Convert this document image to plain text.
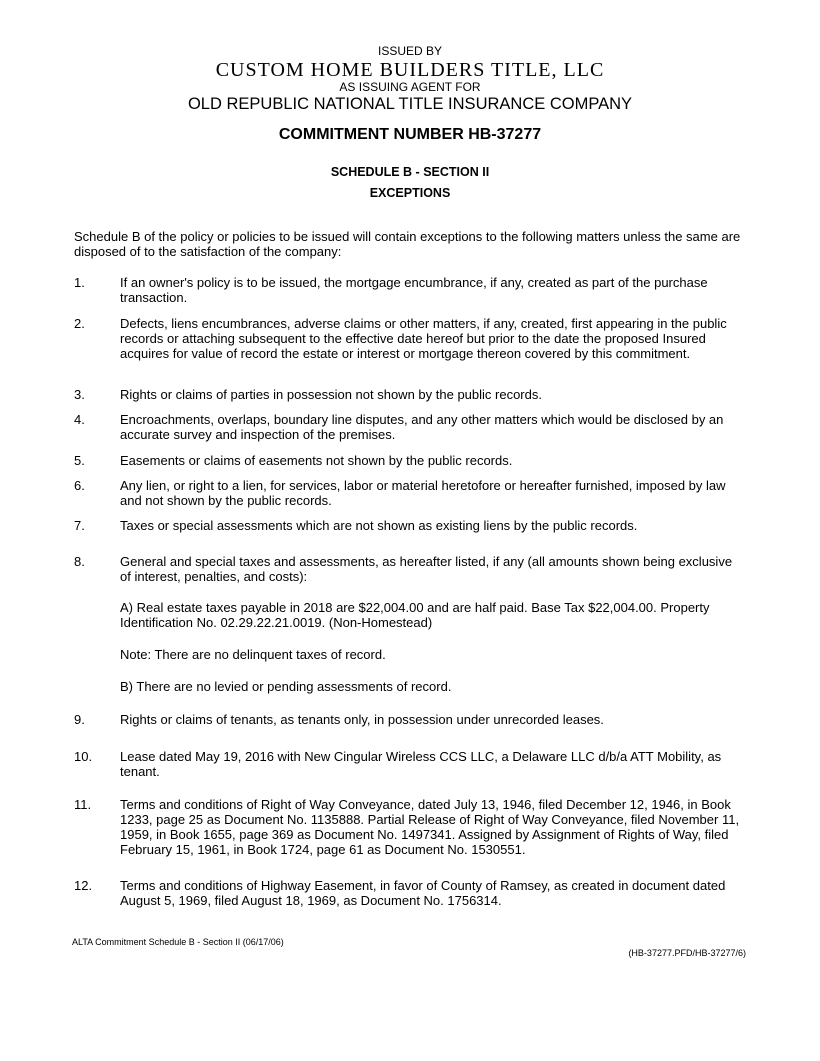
ISSUED BY
CUSTOM HOME BUILDERS TITLE, LLC
AS ISSUING AGENT FOR
OLD REPUBLIC NATIONAL TITLE INSURANCE COMPANY
COMMITMENT NUMBER HB-37277
SCHEDULE B - SECTION II
EXCEPTIONS
Schedule B of the policy or policies to be issued will contain exceptions to the following matters unless the same are disposed of to the satisfaction of the company:
1.	If an owner's policy is to be issued, the mortgage encumbrance, if any, created as part of the purchase transaction.
2.	Defects, liens encumbrances, adverse claims or other matters, if any, created, first appearing in the public records or attaching subsequent to the effective date hereof but prior to the date the proposed Insured acquires for value of record the estate or interest or mortgage thereon covered by this commitment.
3.	Rights or claims of parties in possession not shown by the public records.
4.	Encroachments, overlaps, boundary line disputes, and any other matters which would be disclosed by an accurate survey and inspection of the premises.
5.	Easements or claims of easements not shown by the public records.
6.	Any lien, or right to a lien, for services, labor or material heretofore or hereafter furnished, imposed by law and not shown by the public records.
7.	Taxes or special assessments which are not shown as existing liens by the public records.
8.	General and special taxes and assessments, as hereafter listed, if any (all amounts shown being exclusive of interest, penalties, and costs):
A) Real estate taxes payable in 2018 are $22,004.00 and are half paid. Base Tax $22,004.00. Property Identification No. 02.29.22.21.0019. (Non-Homestead)
Note: There are no delinquent taxes of record.
B) There are no levied or pending assessments of record.
9.	Rights or claims of tenants, as tenants only, in possession under unrecorded leases.
10.	Lease dated May 19, 2016 with New Cingular Wireless CCS LLC, a Delaware LLC d/b/a ATT Mobility, as tenant.
11.	Terms and conditions of Right of Way Conveyance, dated July 13, 1946, filed December 12, 1946, in Book 1233, page 25 as Document No. 1135888. Partial Release of Right of Way Conveyance, filed November 11, 1959, in Book 1655, page 369 as Document No. 1497341. Assigned by Assignment of Rights of Way, filed February 15, 1961, in Book 1724, page 61 as Document No. 1530551.
12.	Terms and conditions of Highway Easement, in favor of County of Ramsey, as created in document dated August 5, 1969, filed August 18, 1969, as Document No. 1756314.
ALTA Commitment Schedule B - Section II (06/17/06)
(HB-37277.PFD/HB-37277/6)
